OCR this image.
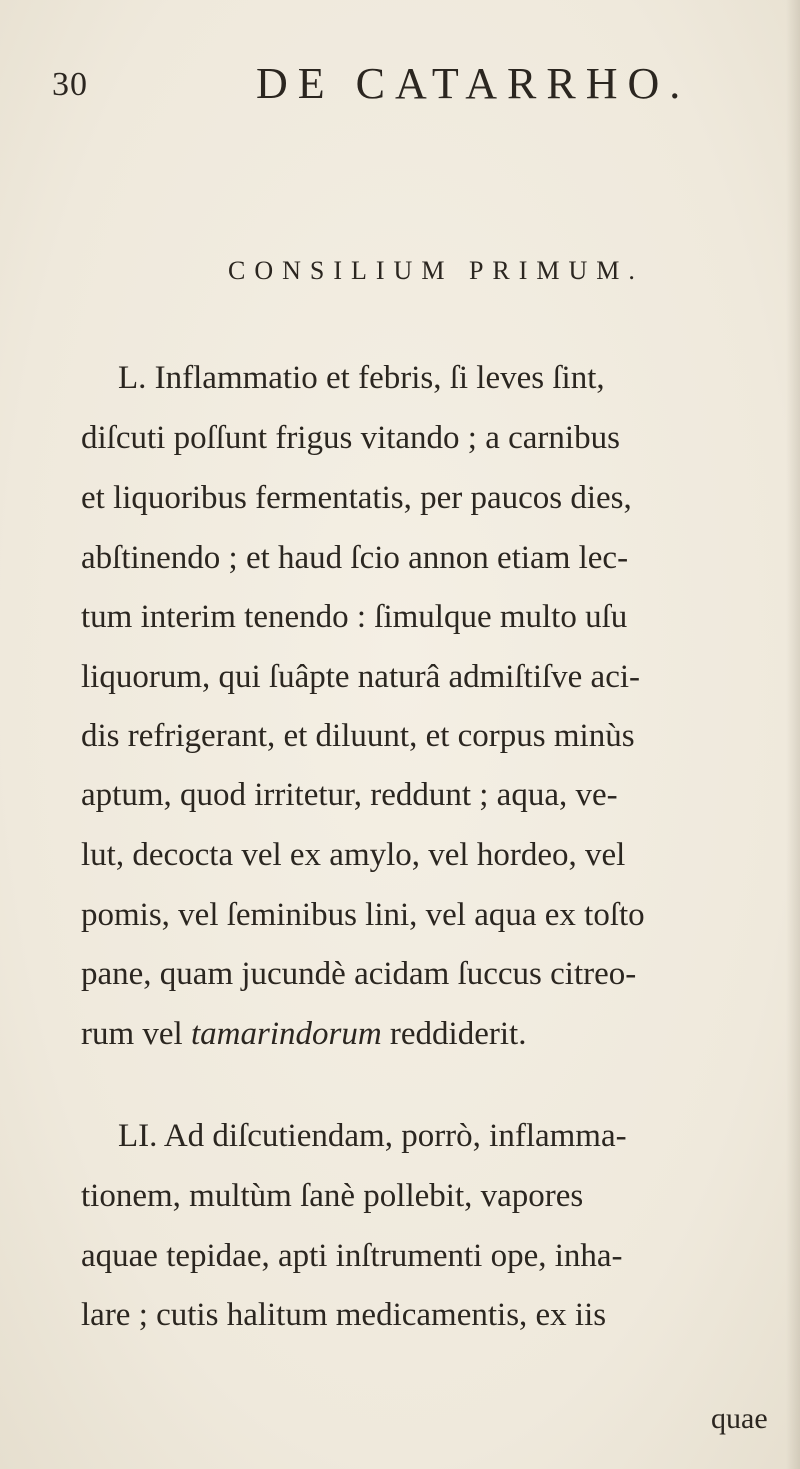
30	DE CATARRHO.
CONSILIUM PRIMUM.
L. Inflammatio et febris, ſi leves ſint,
diſcuti poſſunt frigus vitando ; a carnibus
et liquoribus fermentatis, per paucos dies,
abſtinendo ; et haud ſcio annon etiam lec-
tum interim tenendo : ſimulque multo uſu
liquorum, qui ſuâpte naturâ admiſtiſve aci-
dis refrigerant, et diluunt, et corpus minùs
aptum, quod irritetur, reddunt ; aqua, ve-
lut, decocta vel ex amylo, vel hordeo, vel
pomis, vel ſeminibus lini, vel aqua ex toſto
pane, quam jucundè acidam ſuccus citreo-
rum vel tamarindorum reddiderit.
LI. Ad diſcutiendam, porrò, inflamma-
tionem, multùm ſanè pollebit, vapores
aquae tepidae, apti inſtrumenti ope, inha-
lare ; cutis halitum medicamentis, ex iis
quae
